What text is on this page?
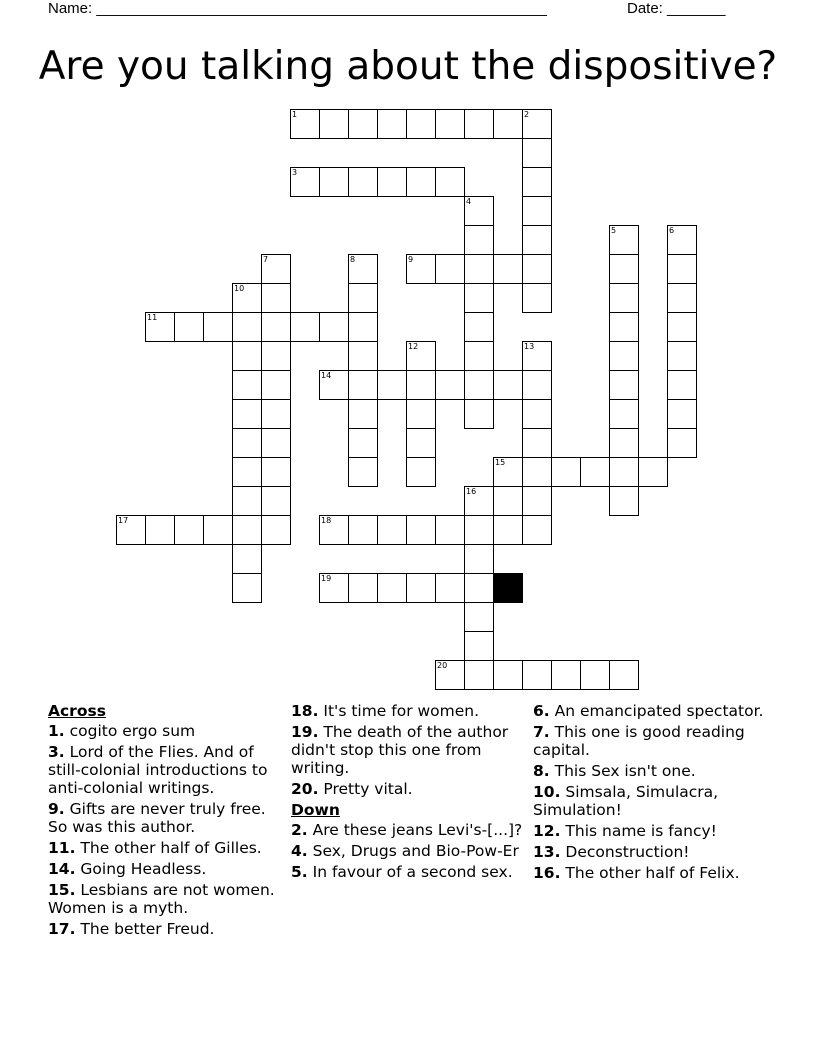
Name: ______________________________________________________	Date: _______
Are you talking about the dispositive?
1	2
3
4
5	6
7	8	9
10
11
12	13
14
15
16
17	18
19
20
Across
1. cogito ergo sum
3. Lord of the Flies. And of still-colonial introductions to anti-colonial writings.
9. Gifts are never truly free. So was this author.
11. The other half of Gilles.
14. Going Headless.
15. Lesbians are not women. Women is a myth.
17. The better Freud.
18. It's time for women.
19. The death of the author didn't stop this one from writing.
20. Pretty vital.
Down
2. Are these jeans Levi's-[...]?
4. Sex, Drugs and Bio-Pow-Er
5. In favour of a second sex.
6. An emancipated spectator.
7. This one is good reading capital.
8. This Sex isn't one.
10. Simsala, Simulacra, Simulation!
12. This name is fancy!
13. Deconstruction!
16. The other half of Felix.
